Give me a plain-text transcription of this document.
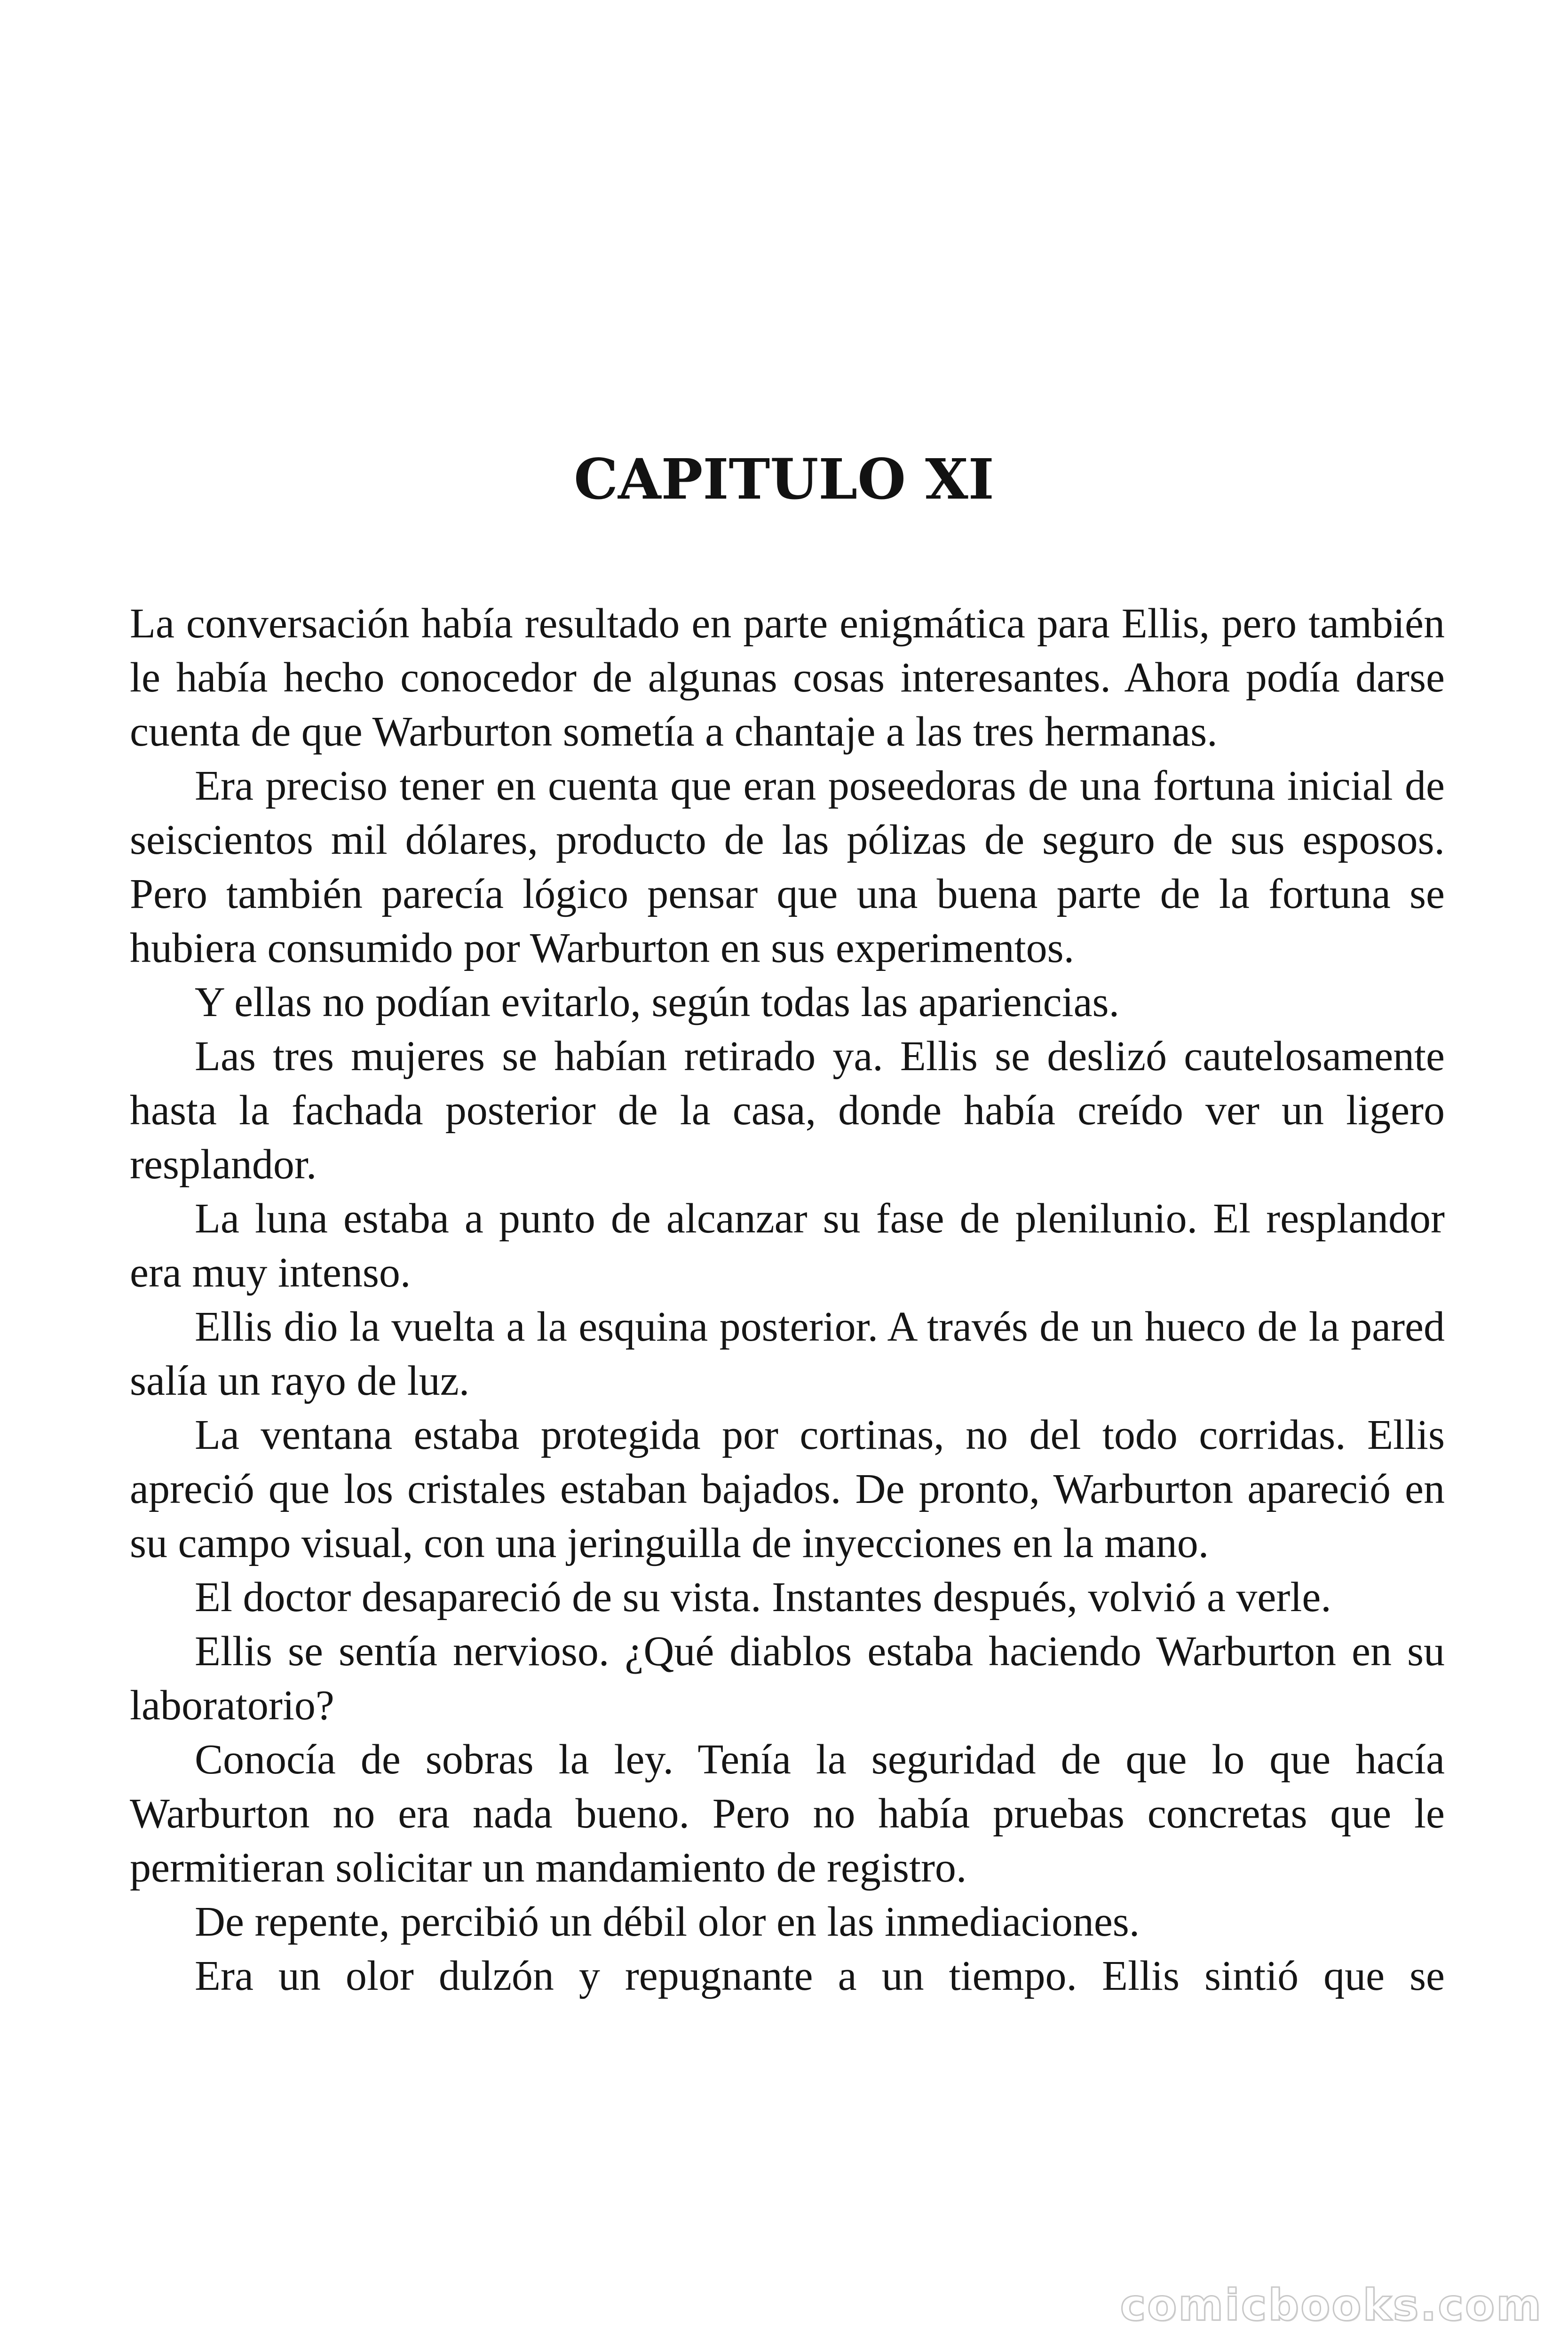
CAPITULO XI

La conversación había resultado en parte enigmática para Ellis, pero también le había hecho conocedor de algunas cosas interesantes. Ahora podía darse cuenta de que Warburton sometía a chantaje a las tres hermanas.

Era preciso tener en cuenta que eran poseedoras de una fortuna inicial de seiscientos mil dólares, producto de las pólizas de seguro de sus esposos. Pero también parecía lógico pensar que una buena parte de la fortuna se hubiera consumido por Warburton en sus experimentos.

Y ellas no podían evitarlo, según todas las apariencias.

Las tres mujeres se habían retirado ya. Ellis se deslizó cautelosamente hasta la fachada posterior de la casa, donde había creído ver un ligero resplandor.

La luna estaba a punto de alcanzar su fase de plenilunio. El resplandor era muy intenso.

Ellis dio la vuelta a la esquina posterior. A través de un hueco de la pared salía un rayo de luz.

La ventana estaba protegida por cortinas, no del todo corridas. Ellis apreció que los cristales estaban bajados. De pronto, Warburton apareció en su campo visual, con una jeringuilla de inyecciones en la mano.

El doctor desapareció de su vista. Instantes después, volvió a verle.

Ellis se sentía nervioso. ¿Qué diablos estaba haciendo Warburton en su laboratorio?

Conocía de sobras la ley. Tenía la seguridad de que lo que hacía Warburton no era nada bueno. Pero no había pruebas concretas que le permitieran solicitar un mandamiento de registro.

De repente, percibió un débil olor en las inmediaciones.

Era un olor dulzón y repugnante a un tiempo. Ellis sintió que se

comicbooks.com
